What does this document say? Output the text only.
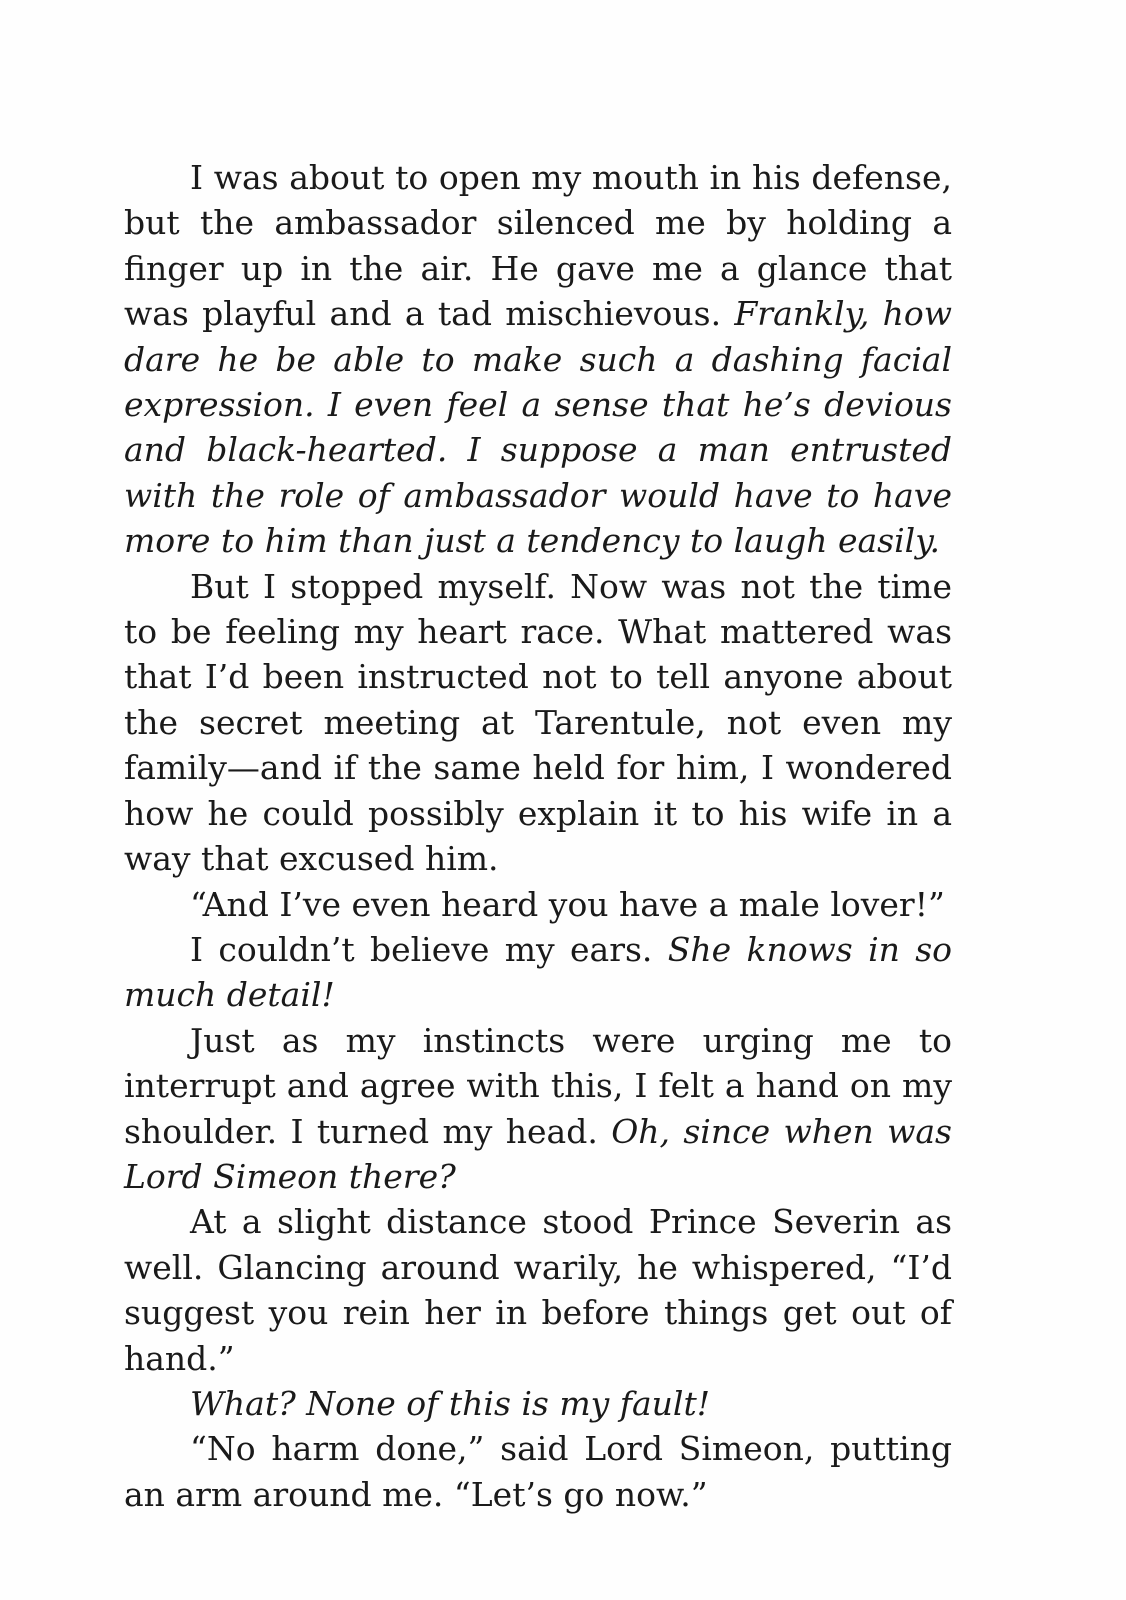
I was about to open my mouth in his defense, but the ambassador silenced me by holding a finger up in the air. He gave me a glance that was playful and a tad mischievous. Frankly, how dare he be able to make such a dashing facial expression. I even feel a sense that he’s devious and black-hearted. I suppose a man entrusted with the role of ambassador would have to have more to him than just a tendency to laugh easily.

But I stopped myself. Now was not the time to be feeling my heart race. What mattered was that I’d been instructed not to tell anyone about the secret meeting at Tarentule, not even my family—and if the same held for him, I wondered how he could possibly explain it to his wife in a way that excused him.

“And I’ve even heard you have a male lover!”

I couldn’t believe my ears. She knows in so much detail!

Just as my instincts were urging me to interrupt and agree with this, I felt a hand on my shoulder. I turned my head. Oh, since when was Lord Simeon there?

At a slight distance stood Prince Severin as well. Glancing around warily, he whispered, “I’d suggest you rein her in before things get out of hand.”

What? None of this is my fault!

“No harm done,” said Lord Simeon, putting an arm around me. “Let’s go now.”
